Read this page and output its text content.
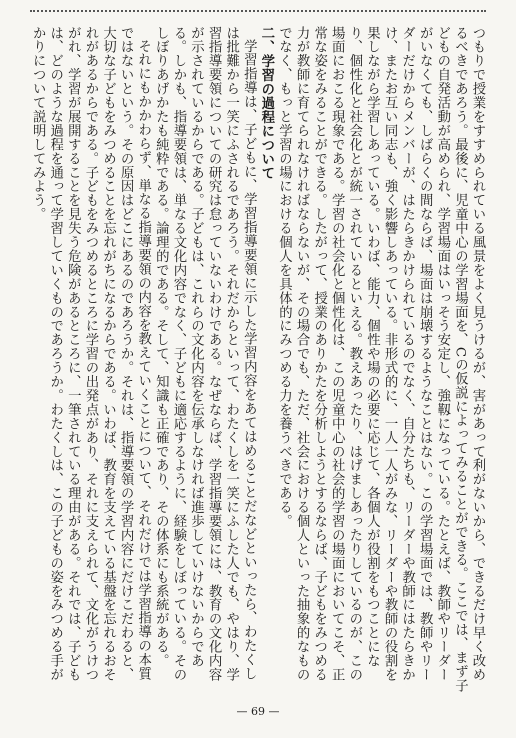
つもりで授業をすすめられている風景をよく見うけるが、害があって利がないから、できるだけ早く改めるべきであろう。最後に、児童中心の学習場面を、Cの仮説によってみることができる。ここでは、まず子どもの自発活動が高められ、学習場面はいっそう安定し、強靱になっている。たとえば、教師やリーダーがいなくても、しばらくの間ならば、場面は崩壊するようなことはない。この学習場面では、教師やリーダーだけからメンバーが、はたらきかけられているのでなく、自分たちも、リーダーや教師にはたらきかけ、またお互い同志も、強く影響しあっている。非形式的に、一人一人がみな、リーダーや教師の役割を果しながら学習しあっている。いわば、能力、個性や場の必要に応じて、各個人が役割をもつことになり、個性化と社会化とが統一されているといえる。教えあったり、はげましあったりしているのが、この場面におこる現象である。学習の社会化と個性化は、この児童中心の社会的学習の場面においてこそ、正常な姿をみることができる。したがって、授業のありかたを分析しようとするならば、子どもをみつめる力が教師に育てられなければならないが、その場合でも、ただ、社会における個人といった抽象的なものでなく、もっと学習の場における個人を具体的にみつめる力を養うべきである。

二、学習の過程について

学習指導は、子どもに、学習指導要領に示した学習内容をあてはめることだなどといったら、わたくしは批難から一笑にふされるであろう。それだからといって、わたくしを一笑にふした人でも、やはり、学習指導要領についての研究は怠っていないわけである。なぜならば、学習指導要領には、教育の文化内容が示されているからである。子どもは、これらの文化内容を伝承しなければ進歩していけないからである。しかも、指導要領は、単なる文化内容でなく、子どもに適応するように、経験をしぼっている。そのしぼりあげかたも純粋である。論理的である。そして、知識も正確であり、その体系にも系統がある。

それにもかかわらず、単なる指導要領の内容を教えていくことについて、それだけでは学習指導の本質ではないという。その原因はどこにあるのであろうか。それは、指導要領の学習内容にだけこだわると、大切な子どもをみつめることを忘れがちになるからである。いわば、教育を支えている基盤を忘れるおそれがあるからである。子どもをみつめるところに学習の出発点があり、それに支えられて、文化がうけつがれ、学習が展開することを見失う危険があるところに、一筆されている理由がある。それでは、子どもは、どのような過程を通って学習していくものであろうか。わたくしは、この子どもの姿をみつめる手がかりについて説明してみよう。

— 69 —
